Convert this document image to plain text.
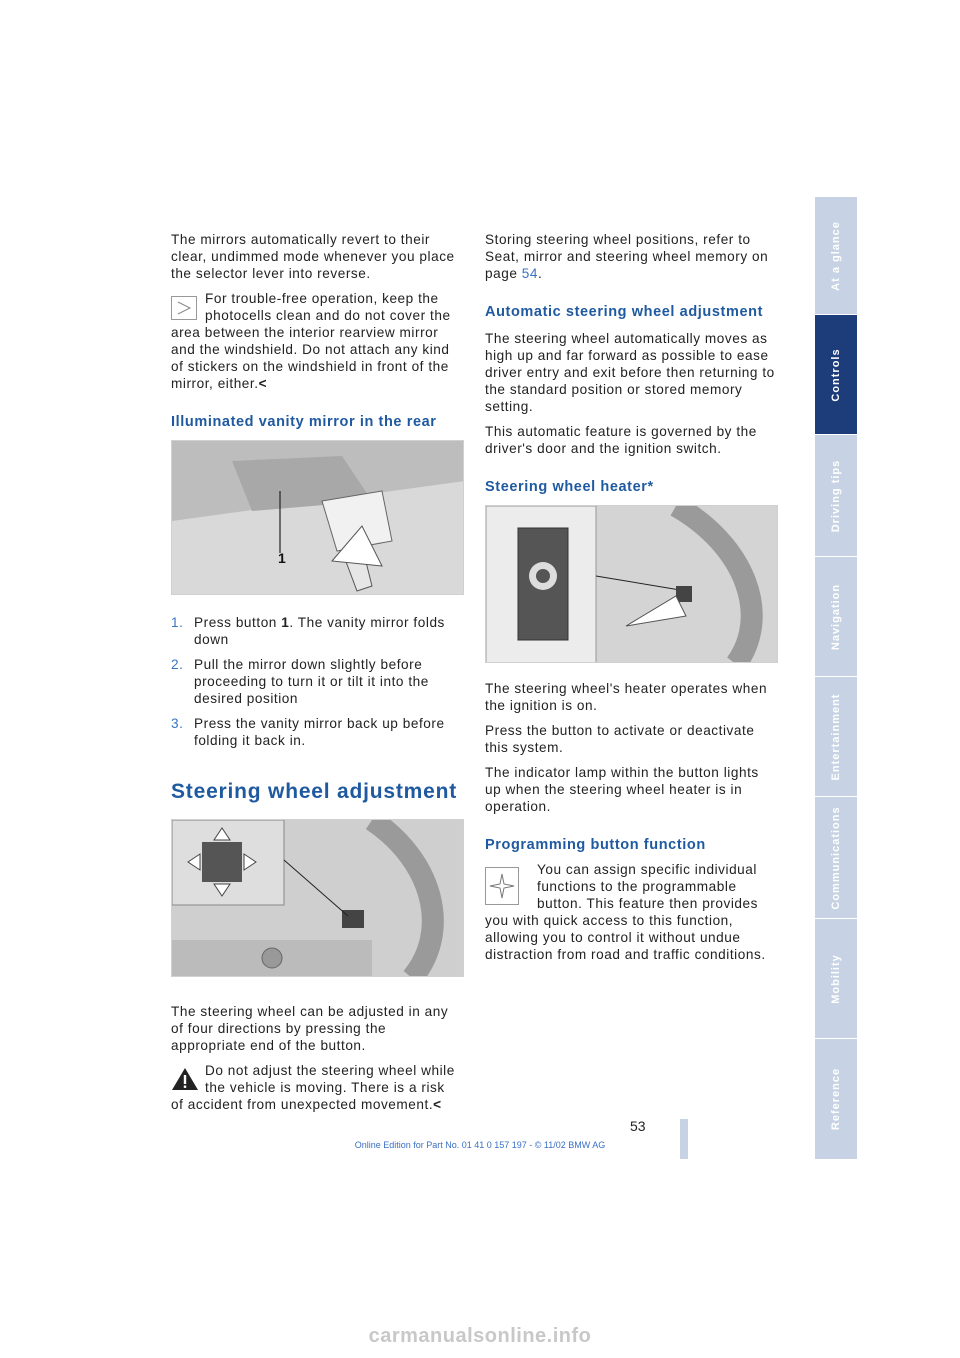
The mirrors automatically revert to their clear, undimmed mode whenever you place the selector lever into reverse.

For trouble-free operation, keep the photocells clean and do not cover the
area between the interior rearview mirror and the windshield. Do not attach any kind of stickers on the windshield in front of the mirror, either.<
Illuminated vanity mirror in the rear
1
1. Press button 1. The vanity mirror folds down
2. Pull the mirror down slightly before proceeding to turn it or tilt it into the desired position
3. Press the vanity mirror back up before folding it back in.
Steering wheel adjustment

The steering wheel can be adjusted in any of four directions by pressing the appropriate end of the button.

Do not adjust the steering wheel while the vehicle is moving. There is a risk
of accident from unexpected movement.<

Storing steering wheel positions, refer to Seat, mirror and steering wheel memory on page 54.

Automatic steering wheel adjustment

The steering wheel automatically moves as high up and far forward as possible to ease driver entry and exit before then returning to the standard position or stored memory setting.

This automatic feature is governed by the driver's door and the ignition switch.

Steering wheel heater*

The steering wheel's heater operates when the ignition is on.

Press the button to activate or deactivate this system.

The indicator lamp within the button lights up when the steering wheel heater is in operation.

Programming button function
You can assign specific individual functions to the programmable button. This feature then provides
you with quick access to this function, allowing you to control it without undue distraction from road and traffic conditions.
At a glance
Controls
Driving tips
Navigation
Entertainment
Communications
Mobility
Reference
53
Online Edition for Part No. 01 41 0 157 197 - © 11/02 BMW AG
carmanualsonline.info
